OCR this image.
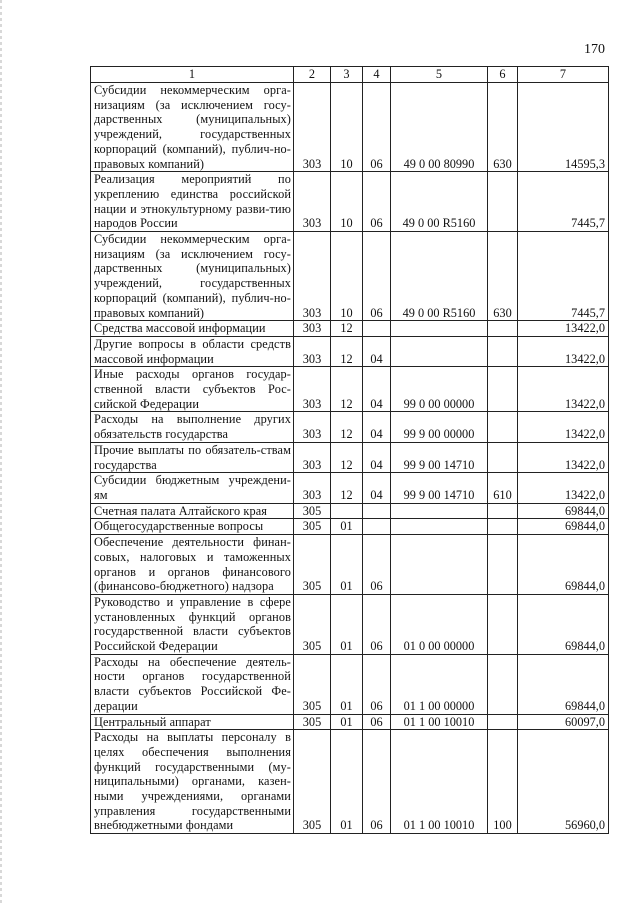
170
1	2	3	4	5	6	7
Субсидии некоммерческим орга-низациям (за исключением госу-дарственных (муниципальных) учреждений, государственных корпораций (компаний), публич-но-правовых компаний)	303	10	06	49 0 00 80990	630	14595,3
Реализация мероприятий по укреплению единства российской нации и этнокультурному разви-тию народов России	303	10	06	49 0 00 R5160		7445,7
Субсидии некоммерческим орга-низациям (за исключением госу-дарственных (муниципальных) учреждений, государственных корпораций (компаний), публич-но-правовых компаний)	303	10	06	49 0 00 R5160	630	7445,7
Средства массовой информации	303	12				13422,0
Другие вопросы в области средств массовой информации	303	12	04			13422,0
Иные расходы органов государ-ственной власти субъектов Рос-сийской Федерации	303	12	04	99 0 00 00000		13422,0
Расходы на выполнение других обязательств государства	303	12	04	99 9 00 00000		13422,0
Прочие выплаты по обязатель-ствам государства	303	12	04	99 9 00 14710		13422,0
Субсидии бюджетным учреждени-ям	303	12	04	99 9 00 14710	610	13422,0
Счетная палата Алтайского края	305					69844,0
Общегосударственные вопросы	305	01				69844,0
Обеспечение деятельности финан-совых, налоговых и таможенных органов и органов финансового (финансово-бюджетного) надзора	305	01	06			69844,0
Руководство и управление в сфере установленных функций органов государственной власти субъектов Российской Федерации	305	01	06	01 0 00 00000		69844,0
Расходы на обеспечение деятель-ности органов государственной власти субъектов Российской Фе-дерации	305	01	06	01 1 00 00000		69844,0
Центральный аппарат	305	01	06	01 1 00 10010		60097,0
Расходы на выплаты персоналу в целях обеспечения выполнения функций государственными (му-ниципальными) органами, казен-ными учреждениями, органами управления государственными внебюджетными фондами	305	01	06	01 1 00 10010	100	56960,0
